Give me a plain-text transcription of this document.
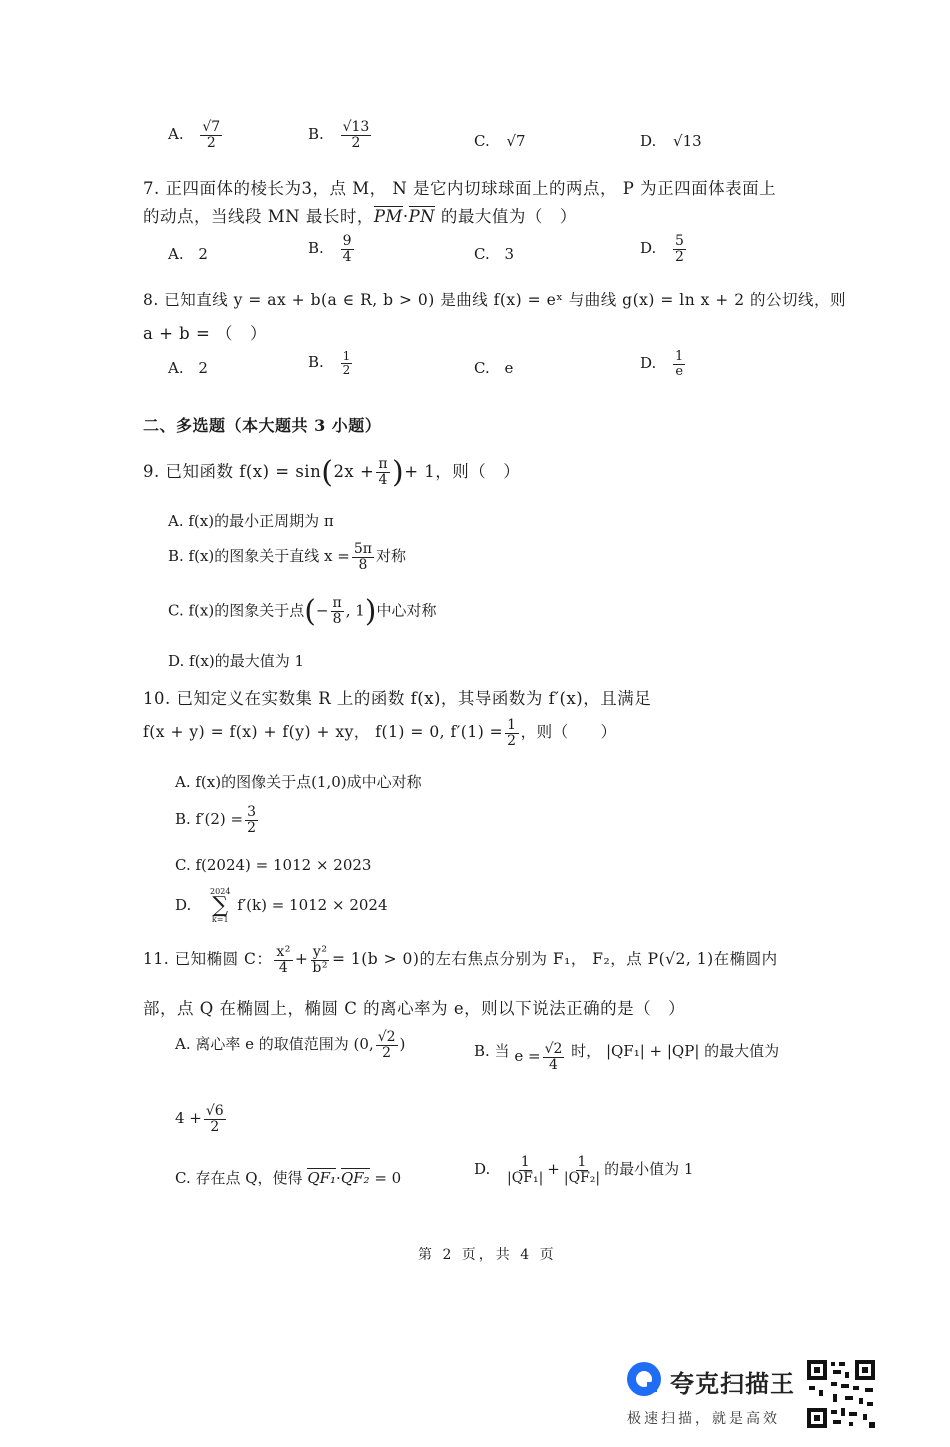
A. $\frac{√7}{2}$	B. $\frac{√13}{2}$	C. √7	D. √13
7. 正四面体的棱长为3，点 M， N 是它内切球球面上的两点， P 为正四面体表面上
的动点，当线段 MN 最长时，PM·PN 的最大值为（　）
A. 2	B. $\frac{9}{4}$	C. 3	D. $\frac{5}{2}$
8. 已知直线 y = ax + b(a ∈ R, b > 0) 是曲线 f(x) = eˣ 与曲线 g(x) = ln x + 2 的公切线，则
a + b = （　）
A. 2	B. $\frac{1}{2}$	C. e	D. $\frac{1}{e}$
二、多选题（本大题共 3 小题）
9. 已知函数 $f(x) = \sin(2x + \frac{\pi}{4}$ )+ 1，则（　）
A. f(x)的最小正周期为 π
B. f(x)的图象关于直线 $x = \frac{5\pi}{8}$ 对称
C. f(x)的图象关于点(− $\frac{\pi}{8}$ , 1)中心对称
D. f(x)的最大值为 1
10. 已知定义在实数集 R 上的函数 f(x)，其导函数为 f′(x)，且满足
f(x + y) = f(x) + f(y) + xy， f(1) = 0, $f'(1) = \frac{1}{2}$ ，则（　　）
A. f(x)的图像关于点(1,0)成中心对称
B. $f'(2) = \frac{3}{2}$
C. f(2024) = 1012 × 2023
D.
2024
∑
k=1
f′(k) = 1012 × 2024
11. 已知椭圆 C： $\frac{\text{x²}}{4} + \frac{\text{y²}}{\text{b²}} = 1(b > 0)$的左右焦点分别为 F₁， F₂，点 P(√2, 1)在椭圆内
部，点 Q 在椭圆上，椭圆 C 的离心率为 e，则以下说法正确的是（　）
A. 离心率 e 的取值范围为 (0, $\frac{√2}{2}$ )	B. 当 $e = \frac{√2}{4}$ 时， |QF₁| + |QP| 的最大值为
$4 + \frac{√6}{2}$
C. 存在点 Q，使得 QF₁·QF₂ = 0	D. $\frac{1}{\text{|QF₁|}} + \frac{1}{\text{|QF₂|}}$ 的最小值为 1
第 2 页，共 4 页
夸克扫描王
极速扫描，就是高效
